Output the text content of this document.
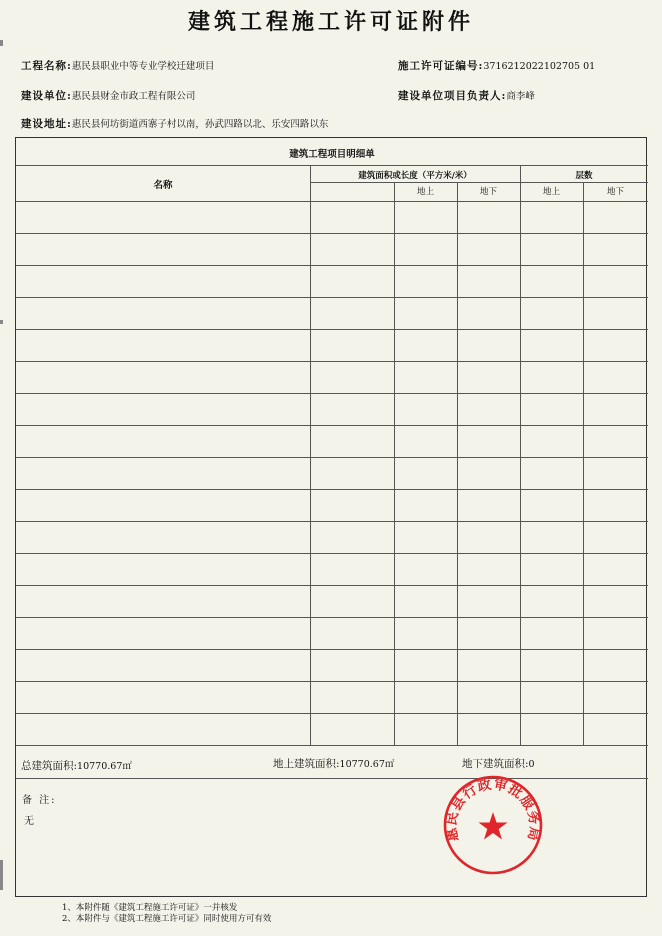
建筑工程施工许可证附件
工程名称:惠民县职业中等专业学校迁建项目	施工许可证编号:3716212022102705 01
建设单位:惠民县财金市政工程有限公司	建设单位项目负责人:商李峰
建设地址:惠民县何坊街道西寨子村以南，孙武四路以北、乐安四路以东
建筑工程项目明细单
名称
建筑面积或长度（平方米/米）	层数
地上	地下	地上	地下
总建筑面积:10770.67㎡	地上建筑面积:10770.67㎡	地下建筑面积:0
备 注:
无
惠民县行政审批服务局
1、本附件随《建筑工程施工许可证》一并核发
2、本附件与《建筑工程施工许可证》同时使用方可有效
